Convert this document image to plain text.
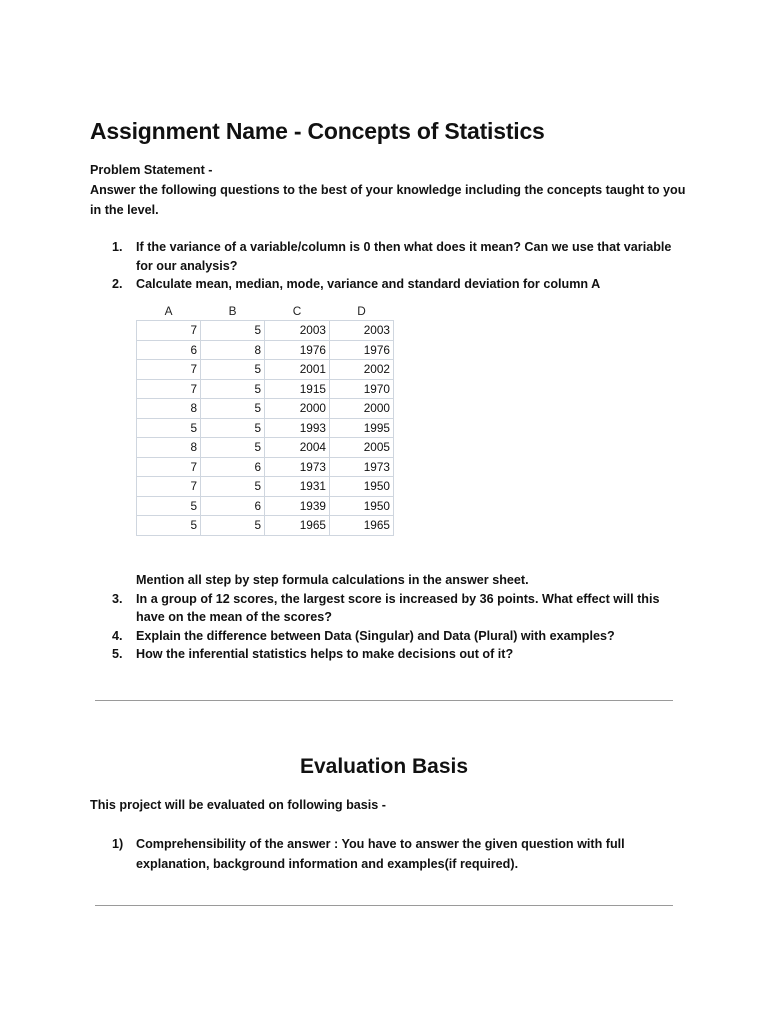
Assignment Name - Concepts of Statistics

Problem Statement -

Answer the following questions to the best of your knowledge including the concepts taught to you in the level.

1. If the variance of a variable/column is 0 then what does it mean? Can we use that variable for our analysis?
2. Calculate mean, median, mode, variance and standard deviation for column A
A	B	C	D
7	5	2003	2003
6	8	1976	1976
7	5	2001	2002
7	5	1915	1970
8	5	2000	2000
5	5	1993	1995
8	5	2004	2005
7	6	1973	1973
7	5	1931	1950
5	6	1939	1950
5	5	1965	1965
Mention all step by step formula calculations in the answer sheet.
3. In a group of 12 scores, the largest score is increased by 36 points. What effect will this have on the mean of the scores?
4. Explain the difference between Data (Singular) and Data (Plural) with examples?
5. How the inferential statistics helps to make decisions out of it?
Evaluation Basis

This project will be evaluated on following basis -

1) Comprehensibility of the answer : You have to answer the given question with full explanation, background information and examples(if required).
